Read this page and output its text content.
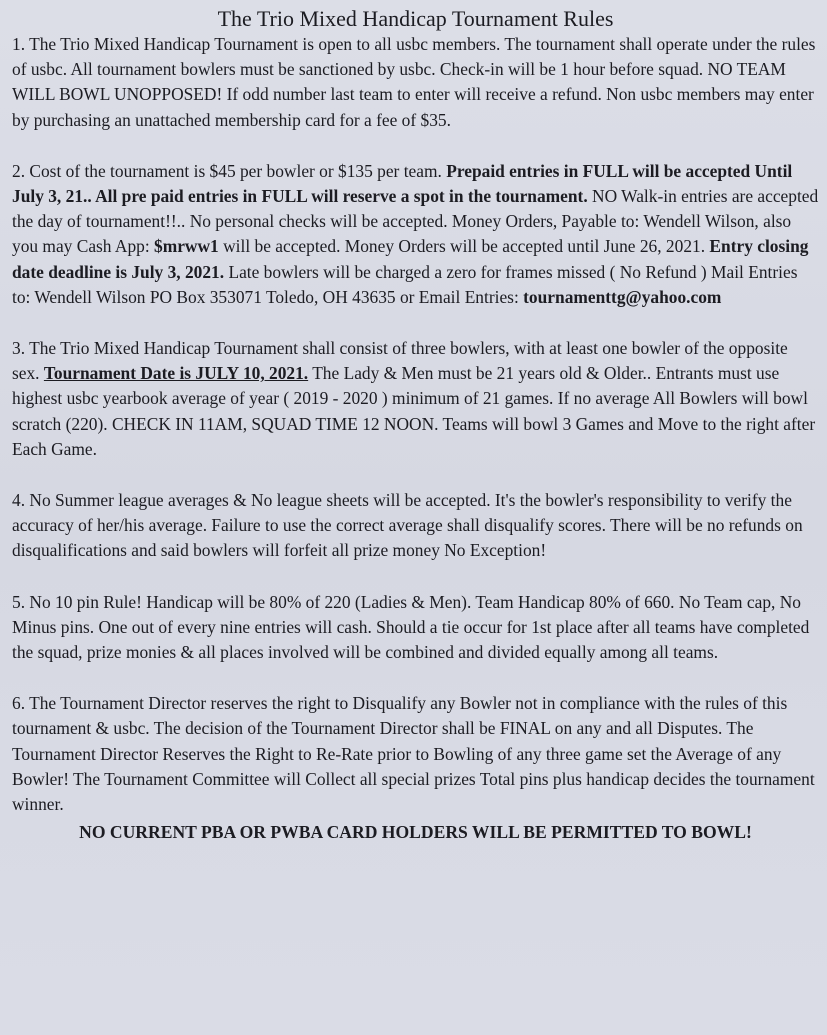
The Trio Mixed Handicap Tournament Rules

1. The Trio Mixed Handicap Tournament is open to all usbc members. The tournament shall operate under the rules of usbc. All tournament bowlers must be sanctioned by usbc. Check-in will be 1 hour before squad. NO TEAM WILL BOWL UNOPPOSED! If odd number last team to enter will receive a refund. Non usbc members may enter by purchasing an unattached membership card for a fee of $35.

2. Cost of the tournament is $45 per bowler or $135 per team. Prepaid entries in FULL will be accepted Until July 3, 21.. All pre paid entries in FULL will reserve a spot in the tournament. NO Walk-in entries are accepted the day of tournament!!.. No personal checks will be accepted. Money Orders, Payable to: Wendell Wilson, also you may Cash App: $mrww1 will be accepted. Money Orders will be accepted until June 26, 2021. Entry closing date deadline is July 3, 2021. Late bowlers will be charged a zero for frames missed ( No Refund ) Mail Entries to: Wendell Wilson PO Box 353071 Toledo, OH 43635 or Email Entries: tournamenttg@yahoo.com

3. The Trio Mixed Handicap Tournament shall consist of three bowlers, with at least one bowler of the opposite sex. Tournament Date is JULY 10, 2021. The Lady & Men must be 21 years old & Older.. Entrants must use highest usbc yearbook average of year ( 2019 - 2020 ) minimum of 21 games. If no average All Bowlers will bowl scratch (220). CHECK IN 11AM, SQUAD TIME 12 NOON. Teams will bowl 3 Games and Move to the right after Each Game.

4. No Summer league averages & No league sheets will be accepted. It's the bowler's responsibility to verify the accuracy of her/his average. Failure to use the correct average shall disqualify scores. There will be no refunds on disqualifications and said bowlers will forfeit all prize money No Exception!

5. No 10 pin Rule! Handicap will be 80% of 220 (Ladies & Men). Team Handicap 80% of 660. No Team cap, No Minus pins. One out of every nine entries will cash. Should a tie occur for 1st place after all teams have completed the squad, prize monies & all places involved will be combined and divided equally among all teams.

6. The Tournament Director reserves the right to Disqualify any Bowler not in compliance with the rules of this tournament & usbc. The decision of the Tournament Director shall be FINAL on any and all Disputes. The Tournament Director Reserves the Right to Re-Rate prior to Bowling of any three game set the Average of any Bowler! The Tournament Committee will Collect all special prizes Total pins plus handicap decides the tournament winner.

NO CURRENT PBA OR PWBA CARD HOLDERS WILL BE PERMITTED TO BOWL!
